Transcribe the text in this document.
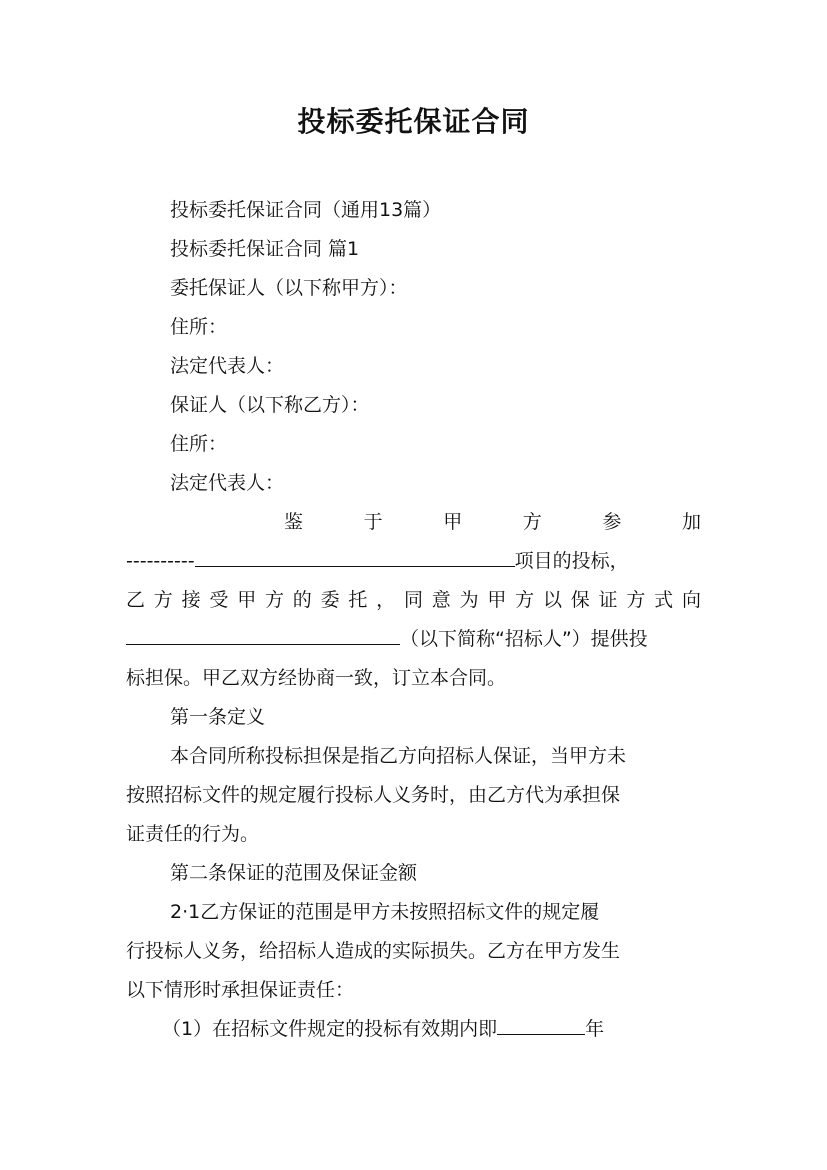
投标委托保证合同
投标委托保证合同（通用13篇）
投标委托保证合同 篇1
委托保证人（以下称甲方）：
住所：
法定代表人：
保证人（以下称乙方）：
住所：
法定代表人：
鉴	于	甲	方	参	加
----------	项目的投标，
乙 方 接 受 甲 方 的 委 托 ， 同 意 为 甲 方 以 保 证 方 式 向
（以下简称“招标人”）提供投
标担保。甲乙双方经协商一致，订立本合同。
第一条定义
本合同所称投标担保是指乙方向招标人保证，当甲方未
按照招标文件的规定履行投标人义务时，由乙方代为承担保
证责任的行为。
第二条保证的范围及保证金额
2·1乙方保证的范围是甲方未按照招标文件的规定履
行投标人义务，给招标人造成的实际损失。乙方在甲方发生
以下情形时承担保证责任：
（1）在招标文件规定的投标有效期内即	年
